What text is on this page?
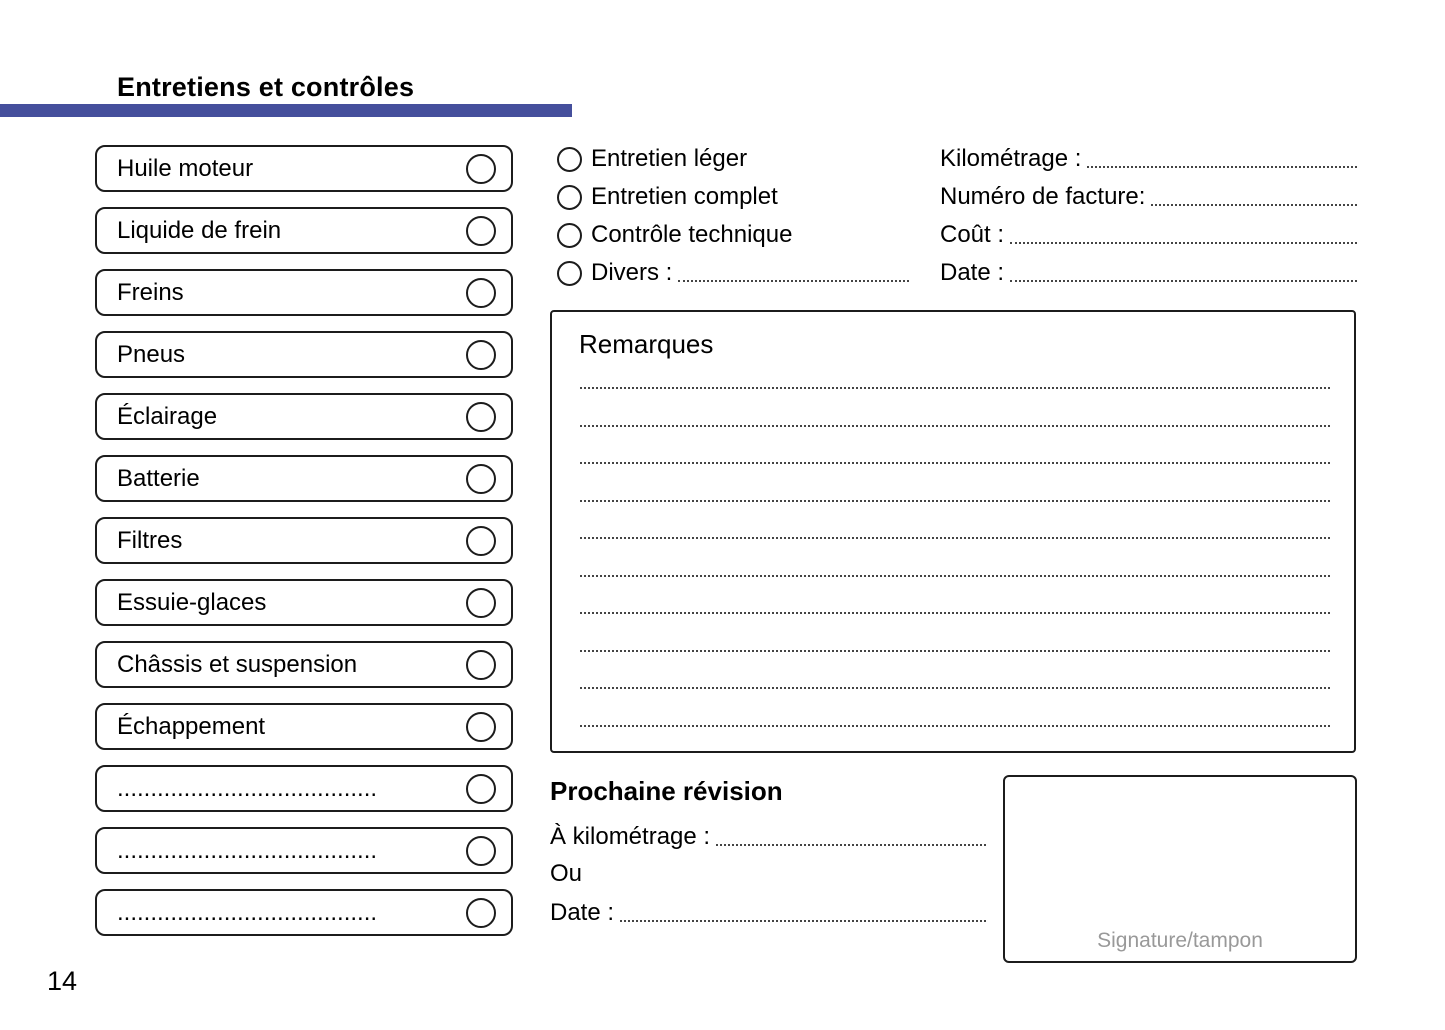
Entretiens et contrôles
Huile moteur
Liquide de frein
Freins
Pneus
Éclairage
Batterie
Filtres
Essuie-glaces
Châssis et suspension
Échappement
.......................................
.......................................
.......................................
Entretien léger
Entretien complet
Contrôle technique
Divers :
Kilométrage :
Numéro de facture:
Coût :
Date :
Remarques
Prochaine révision
À kilométrage :
Ou
Date :
Signature/tampon
14
